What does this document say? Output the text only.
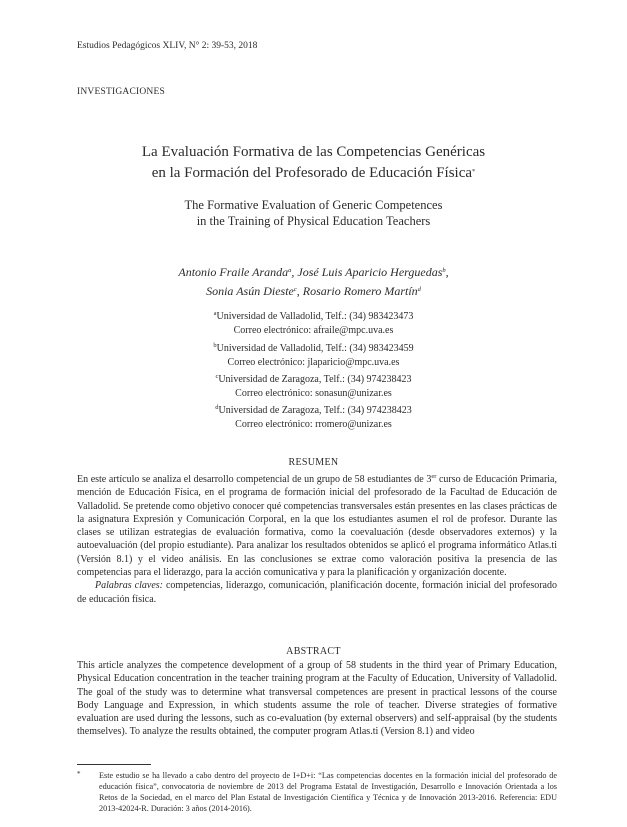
Estudios Pedagógicos XLIV, N° 2: 39-53, 2018
INVESTIGACIONES
La Evaluación Formativa de las Competencias Genéricas
en la Formación del Profesorado de Educación Física*
The Formative Evaluation of Generic Competences
in the Training of Physical Education Teachers
Antonio Fraile Aranda$^a$, José Luis Aparicio Herguedas$^b$,
Sonia Asún Dieste$^c$, Rosario Romero Martín$^d$
$^a$Universidad de Valladolid, Telf.: (34) 983423473
Correo electrónico: afraile@mpc.uva.es
$^b$Universidad de Valladolid, Telf.: (34) 983423459
Correo electrónico: jlaparicio@mpc.uva.es
$^c$Universidad de Zaragoza, Telf.: (34) 974238423
Correo electrónico: sonasun@unizar.es
$^d$Universidad de Zaragoza, Telf.: (34) 974238423
Correo electrónico: rromero@unizar.es
RESUMEN

En este artículo se analiza el desarrollo competencial de un grupo de 58 estudiantes de 3er curso de Educación Primaria, mención de Educación Física, en el programa de formación inicial del profesorado de la Facultad de Educación de Valladolid. Se pretende como objetivo conocer qué competencias transversales están presentes en las clases prácticas de la asignatura Expresión y Comunicación Corporal, en la que los estudiantes asumen el rol de profesor. Durante las clases se utilizan estrategias de evaluación formativa, como la coevaluación (desde observadores externos) y la autoevaluación (del propio estudiante). Para analizar los resultados obtenidos se aplicó el programa informático Atlas.ti (Versión 8.1) y el video análisis. En las conclusiones se extrae como valoración positiva la presencia de las competencias para el liderazgo, para la acción comunicativa y para la planificación y organización docente.

Palabras claves: competencias, liderazgo, comunicación, planificación docente, formación inicial del profesorado de educación física.

ABSTRACT

This article analyzes the competence development of a group of 58 students in the third year of Primary Education, Physical Education concentration in the teacher training program at the Faculty of Education, University of Valladolid. The goal of the study was to determine what transversal competences are present in practical lessons of the course Body Language and Expression, in which students assume the role of teacher. Diverse strategies of formative evaluation are used during the lessons, such as co-evaluation (by external observers) and self-appraisal (by the students themselves). To analyze the results obtained, the computer program Atlas.ti (Version 8.1) and video

* Este estudio se ha llevado a cabo dentro del proyecto de I+D+i: “Las competencias docentes en la formación inicial del profesorado de educación física”, convocatoria de noviembre de 2013 del Programa Estatal de Investigación, Desarrollo e Innovación Orientada a los Retos de la Sociedad, en el marco del Plan Estatal de Investigación Científica y Técnica y de Innovación 2013-2016. Referencia: EDU 2013-42024-R. Duración: 3 años (2014-2016).
